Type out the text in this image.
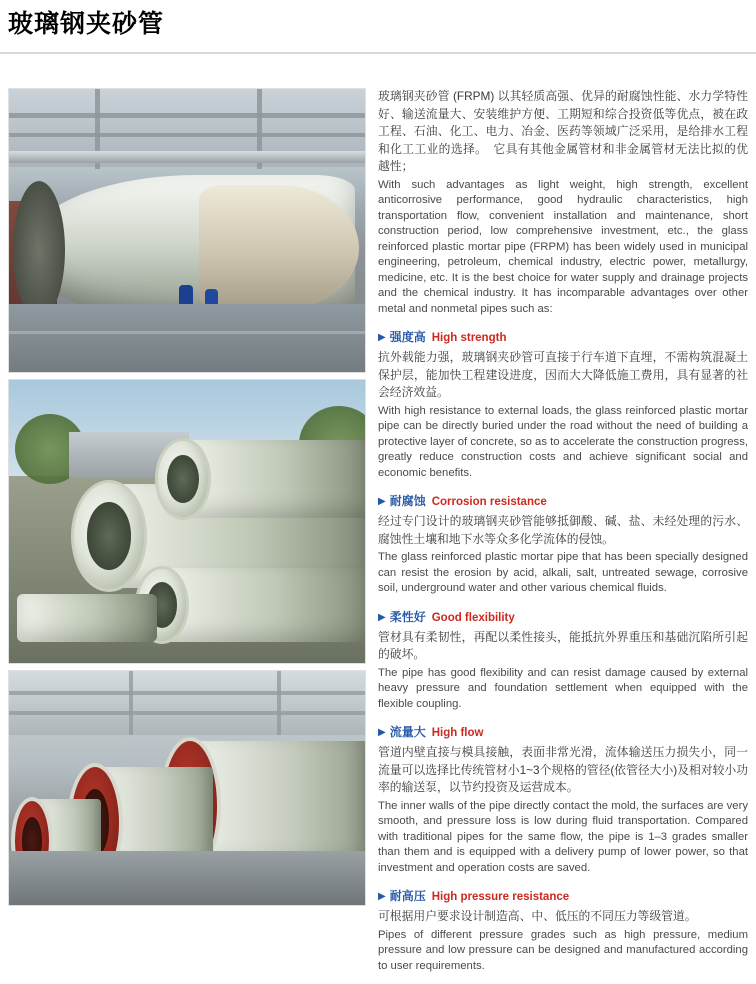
玻璃钢夹砂管

玻璃钢夹砂管 (FRPM) 以其轻质高强、优异的耐腐蚀性能、水力学特性好、输送流量大、安装维护方便、工期短和综合投资低等优点，被在政工程、石油、化工、电力、冶金、医药等领域广泛采用，是给排水工程和化工工业的选择。　它具有其他金属管材和非金属管材无法比拟的优越性；

With such advantages as light weight, high strength, excellent anticorrosive performance, good hydraulic characteristics, high transportation flow, convenient installation and maintenance, short construction period, low comprehensive investment, etc., the glass reinforced plastic mortar pipe (FRPM) has been widely used in municipal engineering, petroleum, chemical industry, electric power, metallurgy, medicine, etc. It is the best choice for water supply and drainage projects and the chemical industry. It has incomparable advantages over other metal and nonmetal pipes such as:

▶ 强度高 High strength

抗外载能力强，玻璃钢夹砂管可直接于行车道下直埋，不需构筑混凝土保护层，能加快工程建设进度，因而大大降低施工费用，具有显著的社会经济效益。

With high resistance to external loads, the glass reinforced plastic mortar pipe can be directly buried under the road without the need of building a protective layer of concrete, so as to accelerate the construction progress, greatly reduce construction costs and achieve significant social and economic benefits.

▶ 耐腐蚀 Corrosion resistance

经过专门设计的玻璃钢夹砂管能够抵御酸、碱、盐、未经处理的污水、腐蚀性土壤和地下水等众多化学流体的侵蚀。

The glass reinforced plastic mortar pipe that has been specially designed can resist the erosion by acid, alkali, salt, untreated sewage, corrosive soil, underground water and other various chemical fluids.

▶ 柔性好 Good flexibility

管材具有柔韧性，再配以柔性接头，能抵抗外界重压和基础沉陷所引起的破坏。

The pipe has good flexibility and can resist damage caused by external heavy pressure and foundation settlement when equipped with the flexible coupling.

▶ 流量大 High flow

管道内壁直接与模具接触，表面非常光滑，流体输送压力损失小，同一流量可以选择比传统管材小1~3个规格的管径(依管径大小)及相对较小功率的输送泵，以节约投资及运营成本。

The inner walls of the pipe directly contact the mold, the surfaces are very smooth, and pressure loss is low during fluid transportation. Compared with traditional pipes for the same flow, the pipe is 1–3 grades smaller than them and is equipped with a delivery pump of lower power, so that investment and operation costs are saved.

▶ 耐高压 High pressure resistance

可根据用户要求设计制造高、中、低压的不同压力等级管道。

Pipes of different pressure grades such as high pressure, medium pressure and low pressure can be designed and manufactured according to user requirements.
